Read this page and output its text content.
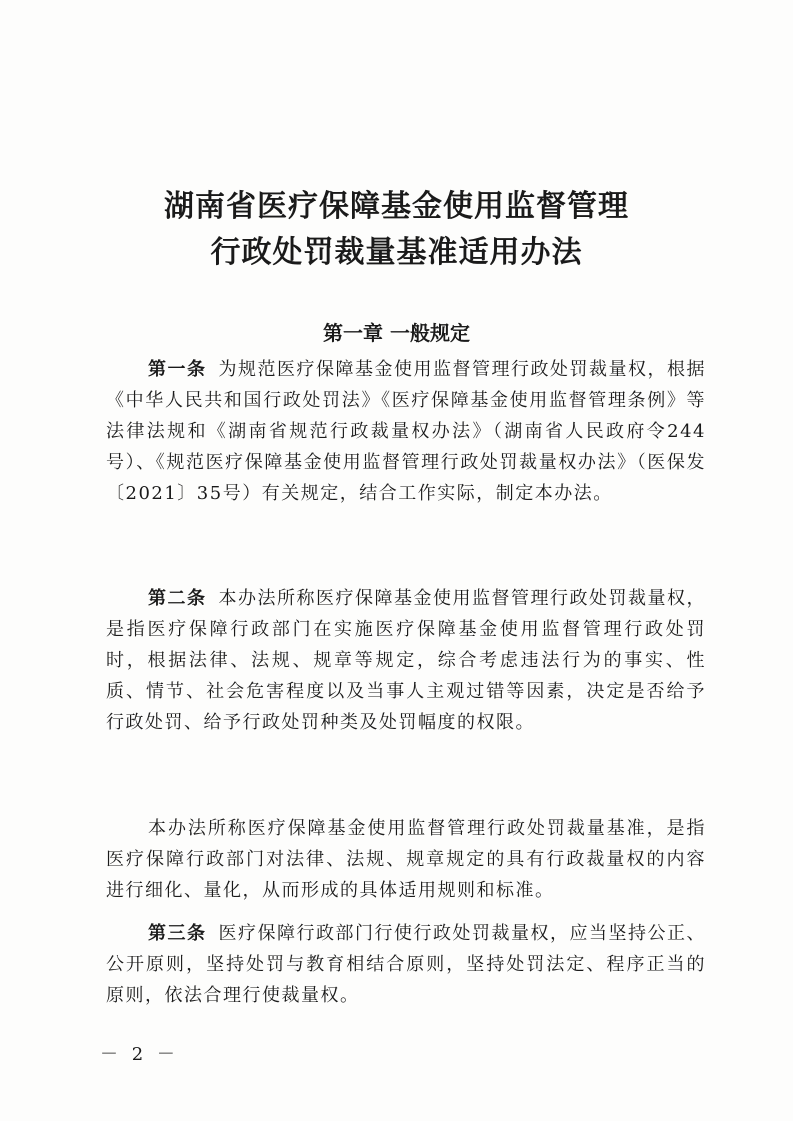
湖南省医疗保障基金使用监督管理
行政处罚裁量基准适用办法
第一章 一般规定

第一条 为规范医疗保障基金使用监督管理行政处罚裁量权，根据《中华人民共和国行政处罚法》《医疗保障基金使用监督管理条例》等法律法规和《湖南省规范行政裁量权办法》（湖南省人民政府令244号）、《规范医疗保障基金使用监督管理行政处罚裁量权办法》（医保发〔2021〕35号）有关规定，结合工作实际，制定本办法。

第二条 本办法所称医疗保障基金使用监督管理行政处罚裁量权，是指医疗保障行政部门在实施医疗保障基金使用监督管理行政处罚时，根据法律、法规、规章等规定，综合考虑违法行为的事实、性质、情节、社会危害程度以及当事人主观过错等因素，决定是否给予行政处罚、给予行政处罚种类及处罚幅度的权限。

本办法所称医疗保障基金使用监督管理行政处罚裁量基准，是指医疗保障行政部门对法律、法规、规章规定的具有行政裁量权的内容进行细化、量化，从而形成的具体适用规则和标准。

第三条 医疗保障行政部门行使行政处罚裁量权，应当坚持公正、公开原则，坚持处罚与教育相结合原则，坚持处罚法定、程序正当的原则，依法合理行使裁量权。

－ 2 －
